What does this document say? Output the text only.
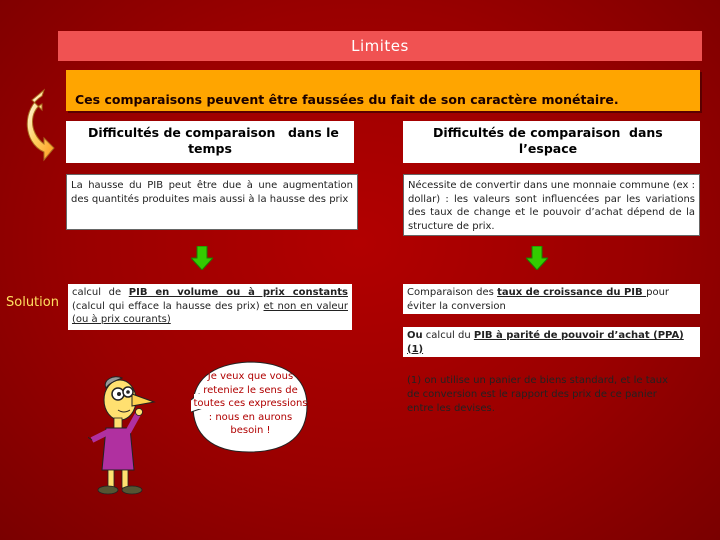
Limites
Ces comparaisons peuvent être faussées du fait de son caractère monétaire.
Difficultés de comparaison dans le
temps
Difficultés de comparaison dans
l’espace
La hausse du PIB peut être due à une augmentation des quantités produites mais aussi à la hausse des prix
Nécessite de convertir dans une monnaie commune (ex : dollar) : les valeurs sont influencées par les variations des taux de change et le pouvoir d’achat dépend de la structure de prix.
Solution
calcul de PIB en volume ou à prix constants (calcul qui efface la hausse des prix) et non en valeur (ou à prix courants)
Comparaison des taux de croissance du PIB pour éviter la conversion
Ou calcul du PIB à parité de pouvoir d’achat (PPA) (1)
(1) on utilise un panier de biens standard, et le taux de conversion est le rapport des prix de ce panier entre les devises.
Je veux que vous reteniez le sens de toutes ces expressions : nous en aurons besoin !
